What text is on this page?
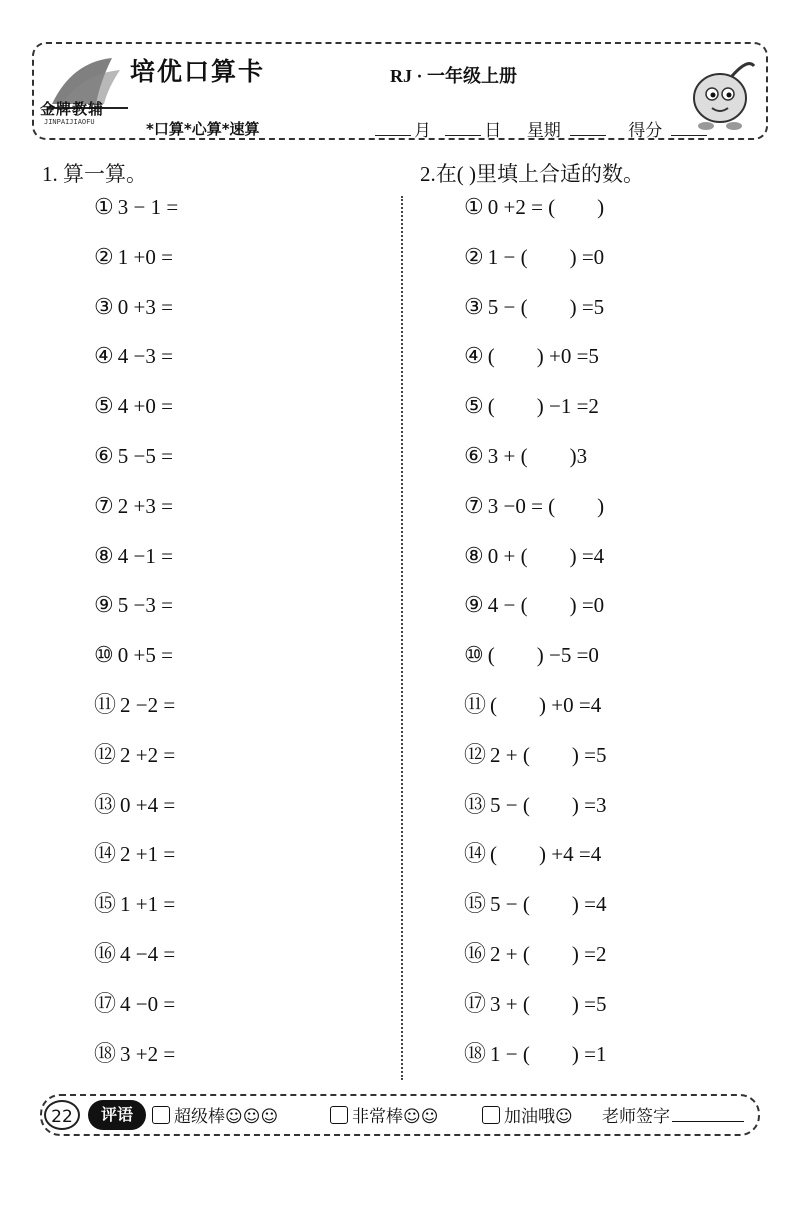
金牌教辅
JINPAIJIAOFU
培优口算卡	RJ · 一年级上册
*口算*心算*速算	月	日 星期	得分
1. 算一算。	2.在( )里填上合适的数。
① 3 − 1 =
② 1 +0 =
③ 0 +3 =
④ 4 −3 =
⑤ 4 +0 =
⑥ 5 −5 =
⑦ 2 +3 =
⑧ 4 −1 =
⑨ 5 −3 =
⑩ 0 +5 =
⑪ 2 −2 =
⑫ 2 +2 =
⑬ 0 +4 =
⑭ 2 +1 =
⑮ 1 +1 =
⑯ 4 −4 =
⑰ 4 −0 =
⑱ 3 +2 =
① 0 +2 = (        )
② 1 − (        ) =0
③ 5 − (        ) =5
④ (        ) +0 =5
⑤ (        ) −1 =2
⑥ 3 + (        )3
⑦ 3 −0 = (        )
⑧ 0 + (        ) =4
⑨ 4 − (        ) =0
⑩ (        ) −5 =0
⑪ (        ) +0 =4
⑫ 2 + (        ) =5
⑬ 5 − (        ) =3
⑭ (        ) +4 =4
⑮ 5 − (        ) =4
⑯ 2 + (        ) =2
⑰ 3 + (        ) =5
⑱ 1 − (        ) =1
22	评语	超级棒☺☺☺	非常棒☺☺	加油哦☺ 老师签字
